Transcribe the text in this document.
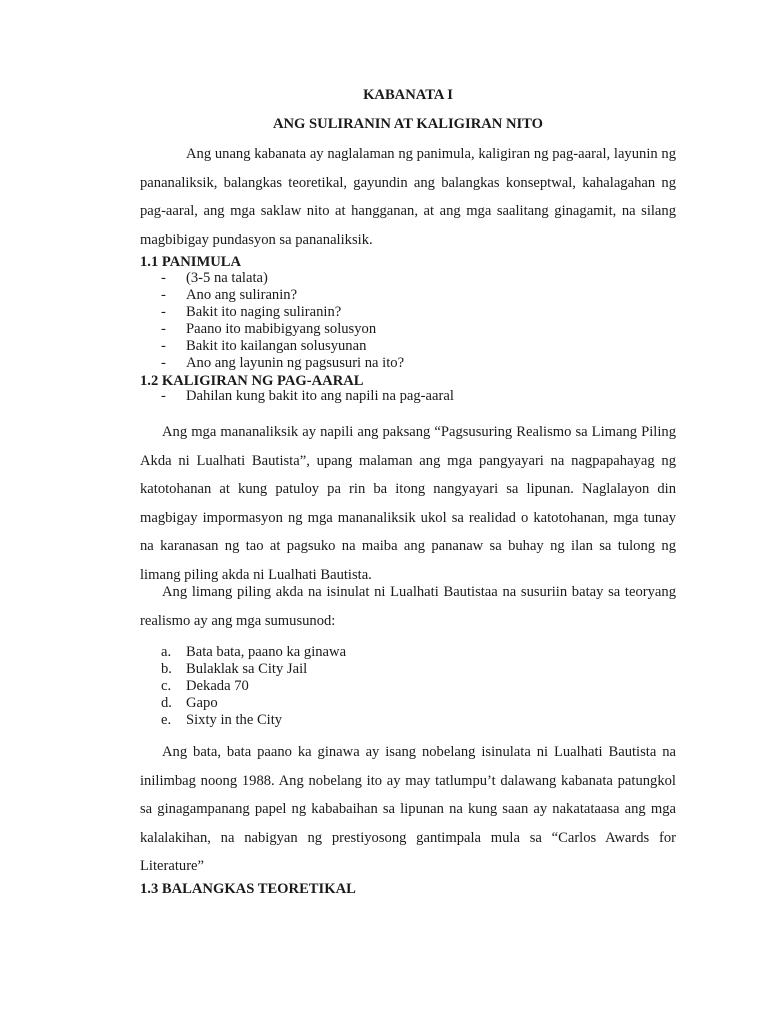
KABANATA I
ANG SULIRANIN AT KALIGIRAN NITO

Ang unang kabanata ay naglalaman ng panimula, kaligiran ng pag-aaral, layunin ng pananaliksik, balangkas teoretikal, gayundin ang balangkas konseptwal, kahalagahan ng pag-aaral, ang mga saklaw nito at hangganan, at ang mga saalitang ginagamit, na silang magbibigay pundasyon sa pananaliksik.

1.1 PANIMULA
- (3-5 na talata)
- Ano ang suliranin?
- Bakit ito naging suliranin?
- Paano ito mabibigyang solusyon
- Bakit ito kailangan solusyunan
- Ano ang layunin ng pagsusuri na ito?
1.2 KALIGIRAN NG PAG-AARAL
- Dahilan kung bakit ito ang napili na pag-aaral

Ang mga mananaliksik ay napili ang paksang “Pagsusuring Realismo sa Limang Piling Akda ni Lualhati Bautista”, upang malaman ang mga pangyayari na nagpapahayag ng katotohanan at kung patuloy pa rin ba itong nangyayari sa lipunan. Naglalayon din magbigay impormasyon ng mga mananaliksik ukol sa realidad o katotohanan, mga tunay na karanasan ng tao at pagsuko na maiba ang pananaw sa buhay ng ilan sa tulong ng limang piling akda ni Lualhati Bautista.

Ang limang piling akda na isinulat ni Lualhati Bautistaa na susuriin batay sa teoryang realismo ay ang mga sumusunod:

a. Bata bata, paano ka ginawa
b. Bulaklak sa City Jail
c. Dekada 70
d. Gapo
e. Sixty in the City

Ang bata, bata paano ka ginawa ay isang nobelang isinulata ni Lualhati Bautista na inilimbag noong 1988. Ang nobelang ito ay may tatlumpu’t dalawang kabanata patungkol sa ginagampanang papel ng kababaihan sa lipunan na kung saan ay nakatataasa ang mga kalalakihan, na nabigyan ng prestiyosong gantimpala mula sa “Carlos Awards for Literature”

1.3 BALANGKAS TEORETIKAL
